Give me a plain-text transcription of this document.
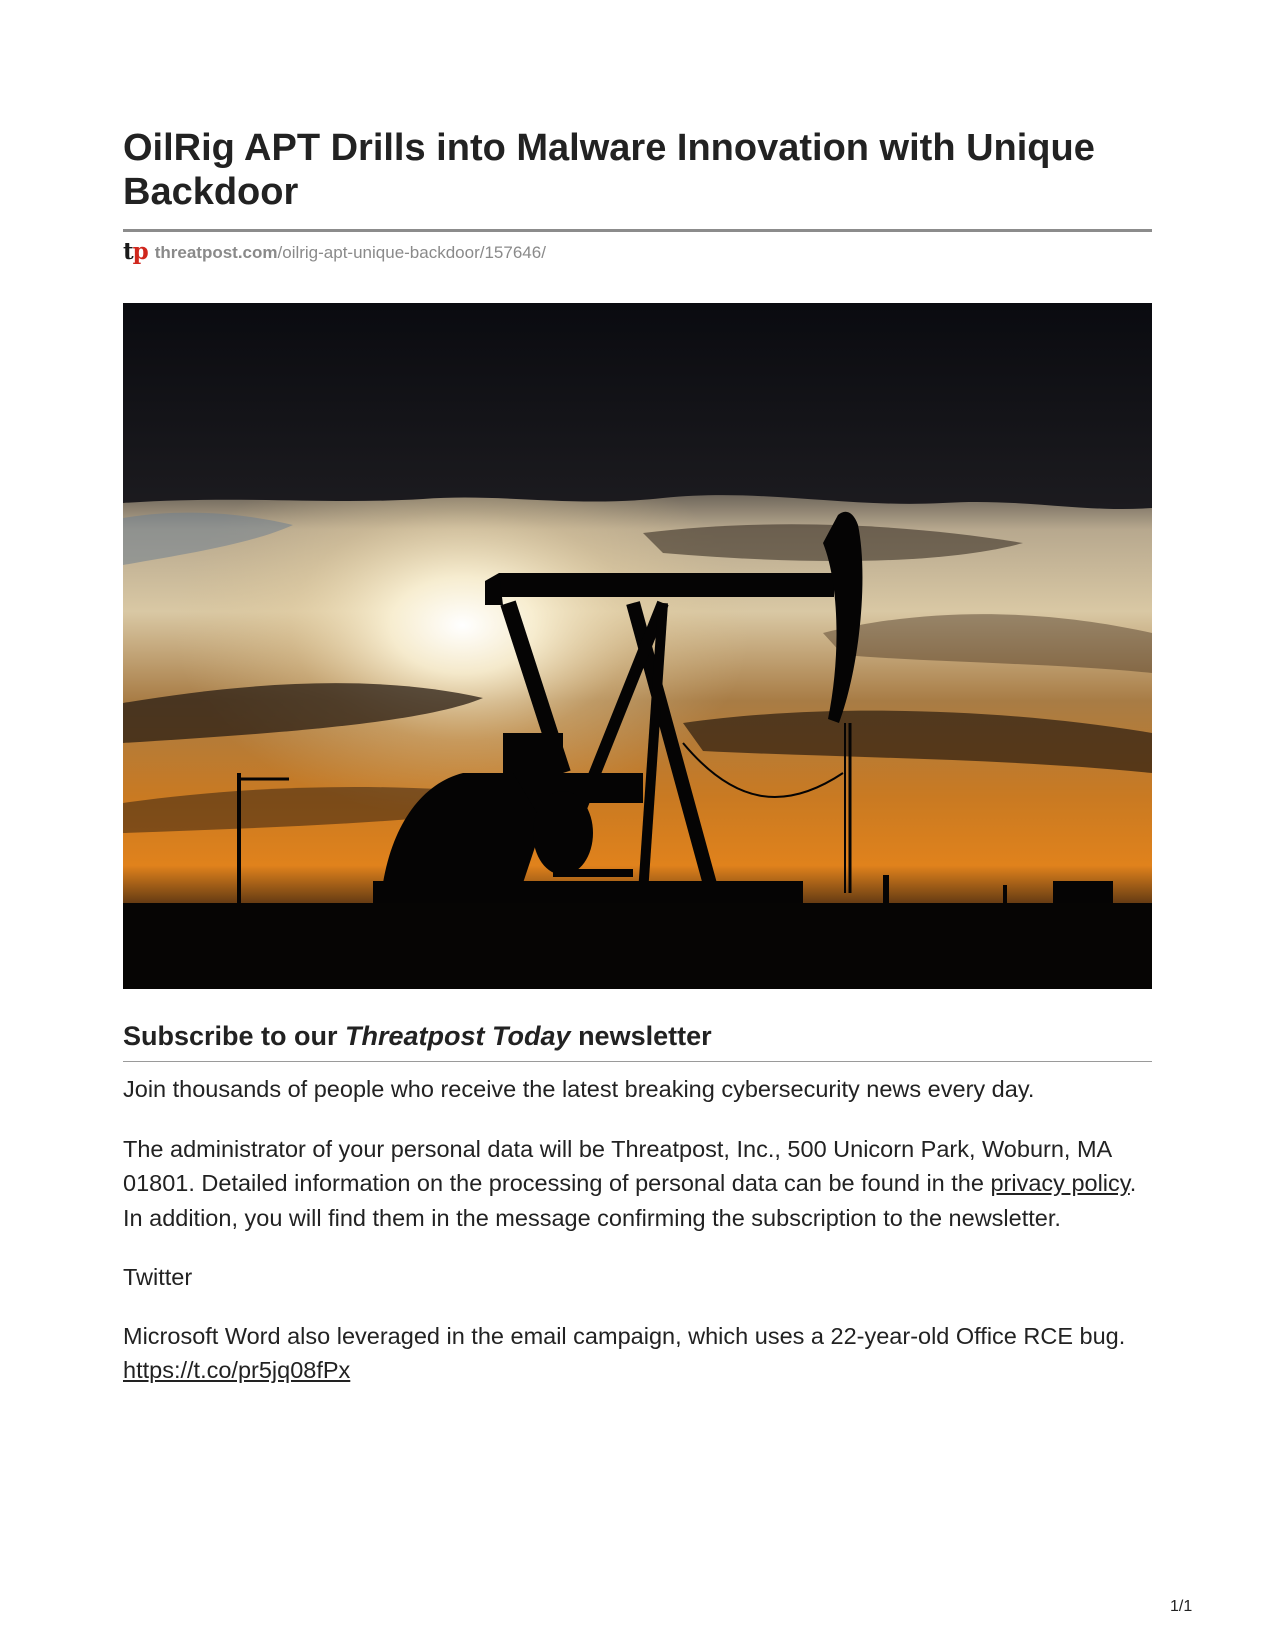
OilRig APT Drills into Malware Innovation with Unique Backdoor
tp threatpost.com /oilrig-apt-unique-backdoor/157646/
Subscribe to our Threatpost Today newsletter

Join thousands of people who receive the latest breaking cybersecurity news every day.

The administrator of your personal data will be Threatpost, Inc., 500 Unicorn Park, Woburn, MA 01801. Detailed information on the processing of personal data can be found in the privacy policy. In addition, you will find them in the message confirming the subscription to the newsletter.

Twitter

Microsoft Word also leveraged in the email campaign, which uses a 22-year-old Office RCE bug. https://t.co/pr5jq08fPx

1/1
